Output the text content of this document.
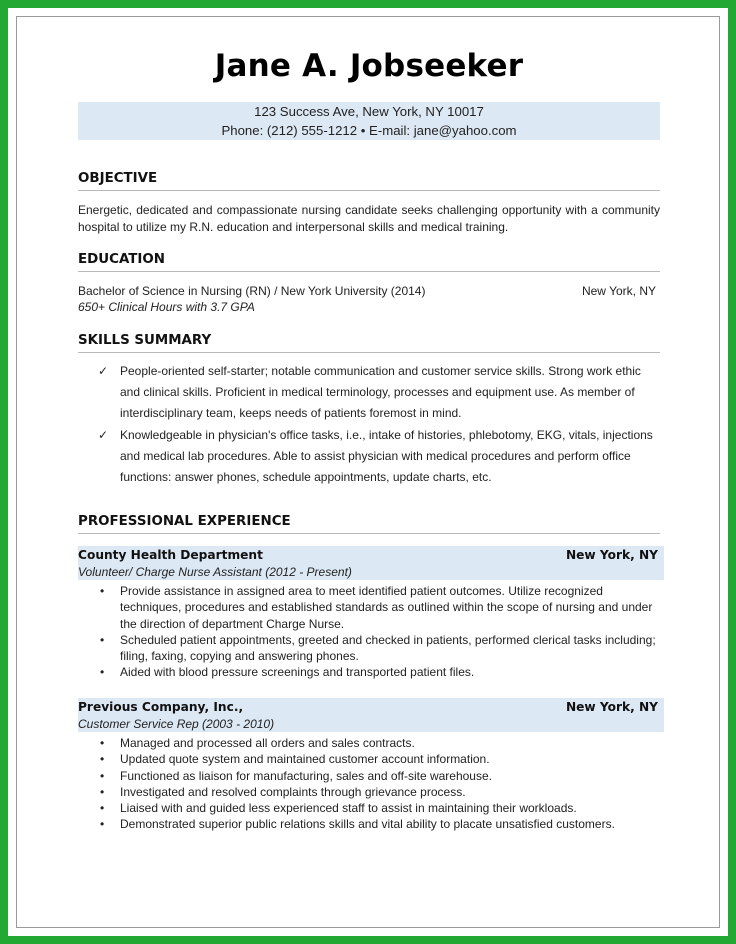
Jane A. Jobseeker
123 Success Ave, New York, NY 10017
Phone: (212) 555-1212 • E-mail: jane@yahoo.com
OBJECTIVE
Energetic, dedicated and compassionate nursing candidate seeks challenging opportunity with a community hospital to utilize my R.N. education and interpersonal skills and medical training.
EDUCATION
Bachelor of Science in Nursing (RN) / New York University (2014)	New York, NY
650+ Clinical Hours with 3.7 GPA
SKILLS SUMMARY
✓ People-oriented self-starter; notable communication and customer service skills. Strong work ethic and clinical skills. Proficient in medical terminology, processes and equipment use. As member of interdisciplinary team, keeps needs of patients foremost in mind.
✓ Knowledgeable in physician's office tasks, i.e., intake of histories, phlebotomy, EKG, vitals, injections and medical lab procedures. Able to assist physician with medical procedures and perform office functions: answer phones, schedule appointments, update charts, etc.
PROFESSIONAL EXPERIENCE
County Health Department	New York, NY
Volunteer/ Charge Nurse Assistant (2012 - Present)
• Provide assistance in assigned area to meet identified patient outcomes. Utilize recognized techniques, procedures and established standards as outlined within the scope of nursing and under the direction of department Charge Nurse.
• Scheduled patient appointments, greeted and checked in patients, performed clerical tasks including; filing, faxing, copying and answering phones.
• Aided with blood pressure screenings and transported patient files.
Previous Company, Inc.,	New York, NY
Customer Service Rep (2003 - 2010)
• Managed and processed all orders and sales contracts.
• Updated quote system and maintained customer account information.
• Functioned as liaison for manufacturing, sales and off-site warehouse.
• Investigated and resolved complaints through grievance process.
• Liaised with and guided less experienced staff to assist in maintaining their workloads.
• Demonstrated superior public relations skills and vital ability to placate unsatisfied customers.
